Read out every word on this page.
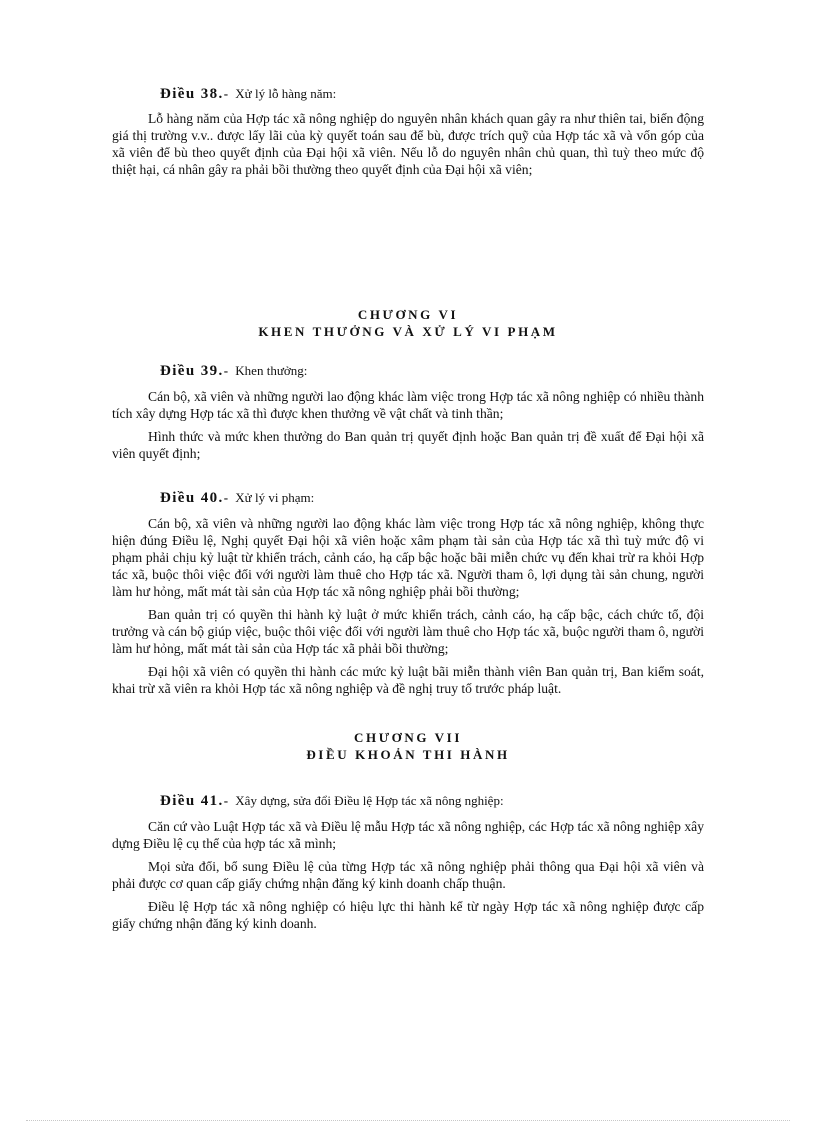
Điều 38.- Xử lý lỗ hàng năm:

Lỗ hàng năm của Hợp tác xã nông nghiệp do nguyên nhân khách quan gây ra như thiên tai, biến động giá thị trường v.v.. được lấy lãi của kỳ quyết toán sau để bù, được trích quỹ của Hợp tác xã và vốn góp của xã viên để bù theo quyết định của Đại hội xã viên. Nếu lỗ do nguyên nhân chủ quan, thì tuỳ theo mức độ thiệt hại, cá nhân gây ra phải bồi thường theo quyết định của Đại hội xã viên;

CHƯƠNG VI

KHEN THƯỞNG VÀ XỬ LÝ VI PHẠM

Điều 39.- Khen thưởng:

Cán bộ, xã viên và những người lao động khác làm việc trong Hợp tác xã nông nghiệp có nhiều thành tích xây dựng Hợp tác xã thì được khen thưởng về vật chất và tinh thần;

Hình thức và mức khen thưởng do Ban quản trị quyết định hoặc Ban quản trị đề xuất để Đại hội xã viên quyết định;

Điều 40.- Xử lý vi phạm:

Cán bộ, xã viên và những người lao động khác làm việc trong Hợp tác xã nông nghiệp, không thực hiện đúng Điều lệ, Nghị quyết Đại hội xã viên hoặc xâm phạm tài sản của Hợp tác xã thì tuỳ mức độ vi phạm phải chịu kỷ luật từ khiển trách, cảnh cáo, hạ cấp bậc hoặc bãi miễn chức vụ đến khai trừ ra khỏi Hợp tác xã, buộc thôi việc đối với người làm thuê cho Hợp tác xã. Người tham ô, lợi dụng tài sản chung, người làm hư hỏng, mất mát tài sản của Hợp tác xã nông nghiệp phải bồi thường;

Ban quản trị có quyền thi hành kỷ luật ở mức khiển trách, cảnh cáo, hạ cấp bậc, cách chức tổ, đội trưởng và cán bộ giúp việc, buộc thôi việc đối với người làm thuê cho Hợp tác xã, buộc người tham ô, người làm hư hỏng, mất mát tài sản của Hợp tác xã phải bồi thường;

Đại hội xã viên có quyền thi hành các mức kỷ luật bãi miễn thành viên Ban quản trị, Ban kiểm soát, khai trừ xã viên ra khỏi Hợp tác xã nông nghiệp và đề nghị truy tố trước pháp luật.

CHƯƠNG VII

ĐIỀU KHOẢN THI HÀNH

Điều 41.- Xây dựng, sửa đổi Điều lệ Hợp tác xã nông nghiệp:

Căn cứ vào Luật Hợp tác xã và Điều lệ mẫu Hợp tác xã nông nghiệp, các Hợp tác xã nông nghiệp xây dựng Điều lệ cụ thể của hợp tác xã mình;

Mọi sửa đổi, bổ sung Điều lệ của từng Hợp tác xã nông nghiệp phải thông qua Đại hội xã viên và phải được cơ quan cấp giấy chứng nhận đăng ký kinh doanh chấp thuận.

Điều lệ Hợp tác xã nông nghiệp có hiệu lực thi hành kể từ ngày Hợp tác xã nông nghiệp được cấp giấy chứng nhận đăng ký kinh doanh.
